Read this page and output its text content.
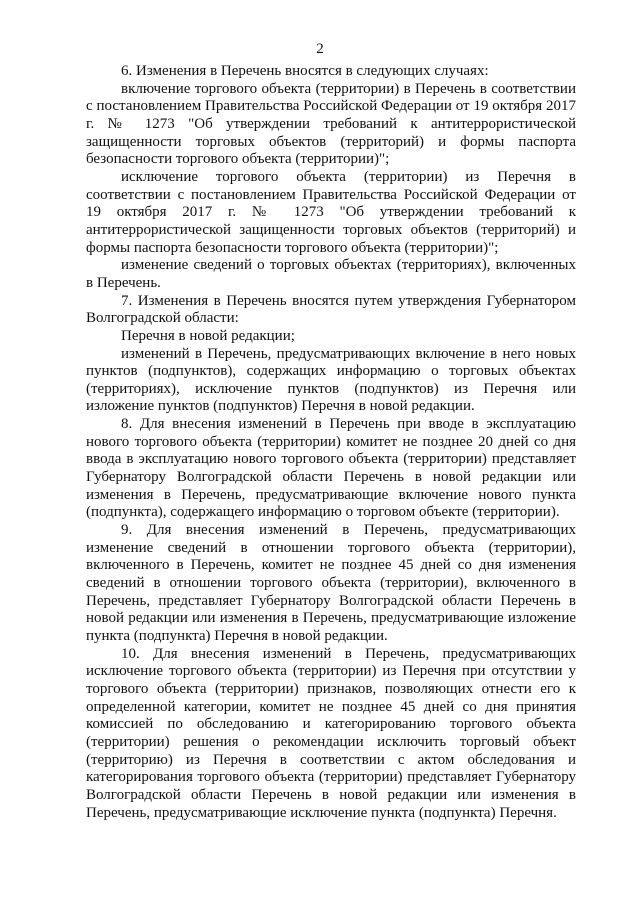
2

6. Изменения в Перечень вносятся в следующих случаях:

включение торгового объекта (территории) в Перечень в соответствии с постановлением Правительства Российской Федерации от 19 октября 2017 г. № 1273 "Об утверждении требований к антитеррористической защищенности торговых объектов (территорий) и формы паспорта безопасности торгового объекта (территории)";

исключение торгового объекта (территории) из Перечня в соответствии с постановлением Правительства Российской Федерации от 19 октября 2017 г. № 1273 "Об утверждении требований к антитеррористической защищенности торговых объектов (территорий) и формы паспорта безопасности торгового объекта (территории)";

изменение сведений о торговых объектах (территориях), включенных в Перечень.

7. Изменения в Перечень вносятся путем утверждения Губернатором Волгоградской области:

Перечня в новой редакции;

изменений в Перечень, предусматривающих включение в него новых пунктов (подпунктов), содержащих информацию о торговых объектах (территориях), исключение пунктов (подпунктов) из Перечня или изложение пунктов (подпунктов) Перечня в новой редакции.

8. Для внесения изменений в Перечень при вводе в эксплуатацию нового торгового объекта (территории) комитет не позднее 20 дней со дня ввода в эксплуатацию нового торгового объекта (территории) представляет Губернатору Волгоградской области Перечень в новой редакции или изменения в Перечень, предусматривающие включение нового пункта (подпункта), содержащего информацию о торговом объекте (территории).

9. Для внесения изменений в Перечень, предусматривающих изменение сведений в отношении торгового объекта (территории), включенного в Перечень, комитет не позднее 45 дней со дня изменения сведений в отношении торгового объекта (территории), включенного в Перечень, представляет Губернатору Волгоградской области Перечень в новой редакции или изменения в Перечень, предусматривающие изложение пункта (подпункта) Перечня в новой редакции.

10. Для внесения изменений в Перечень, предусматривающих исключение торгового объекта (территории) из Перечня при отсутствии у торгового объекта (территории) признаков, позволяющих отнести его к определенной категории, комитет не позднее 45 дней со дня принятия комиссией по обследованию и категорированию торгового объекта (территории) решения о рекомендации исключить торговый объект (территорию) из Перечня в соответствии с актом обследования и категорирования торгового объекта (территории) представляет Губернатору Волгоградской области Перечень в новой редакции или изменения в Перечень, предусматривающие исключение пункта (подпункта) Перечня.
